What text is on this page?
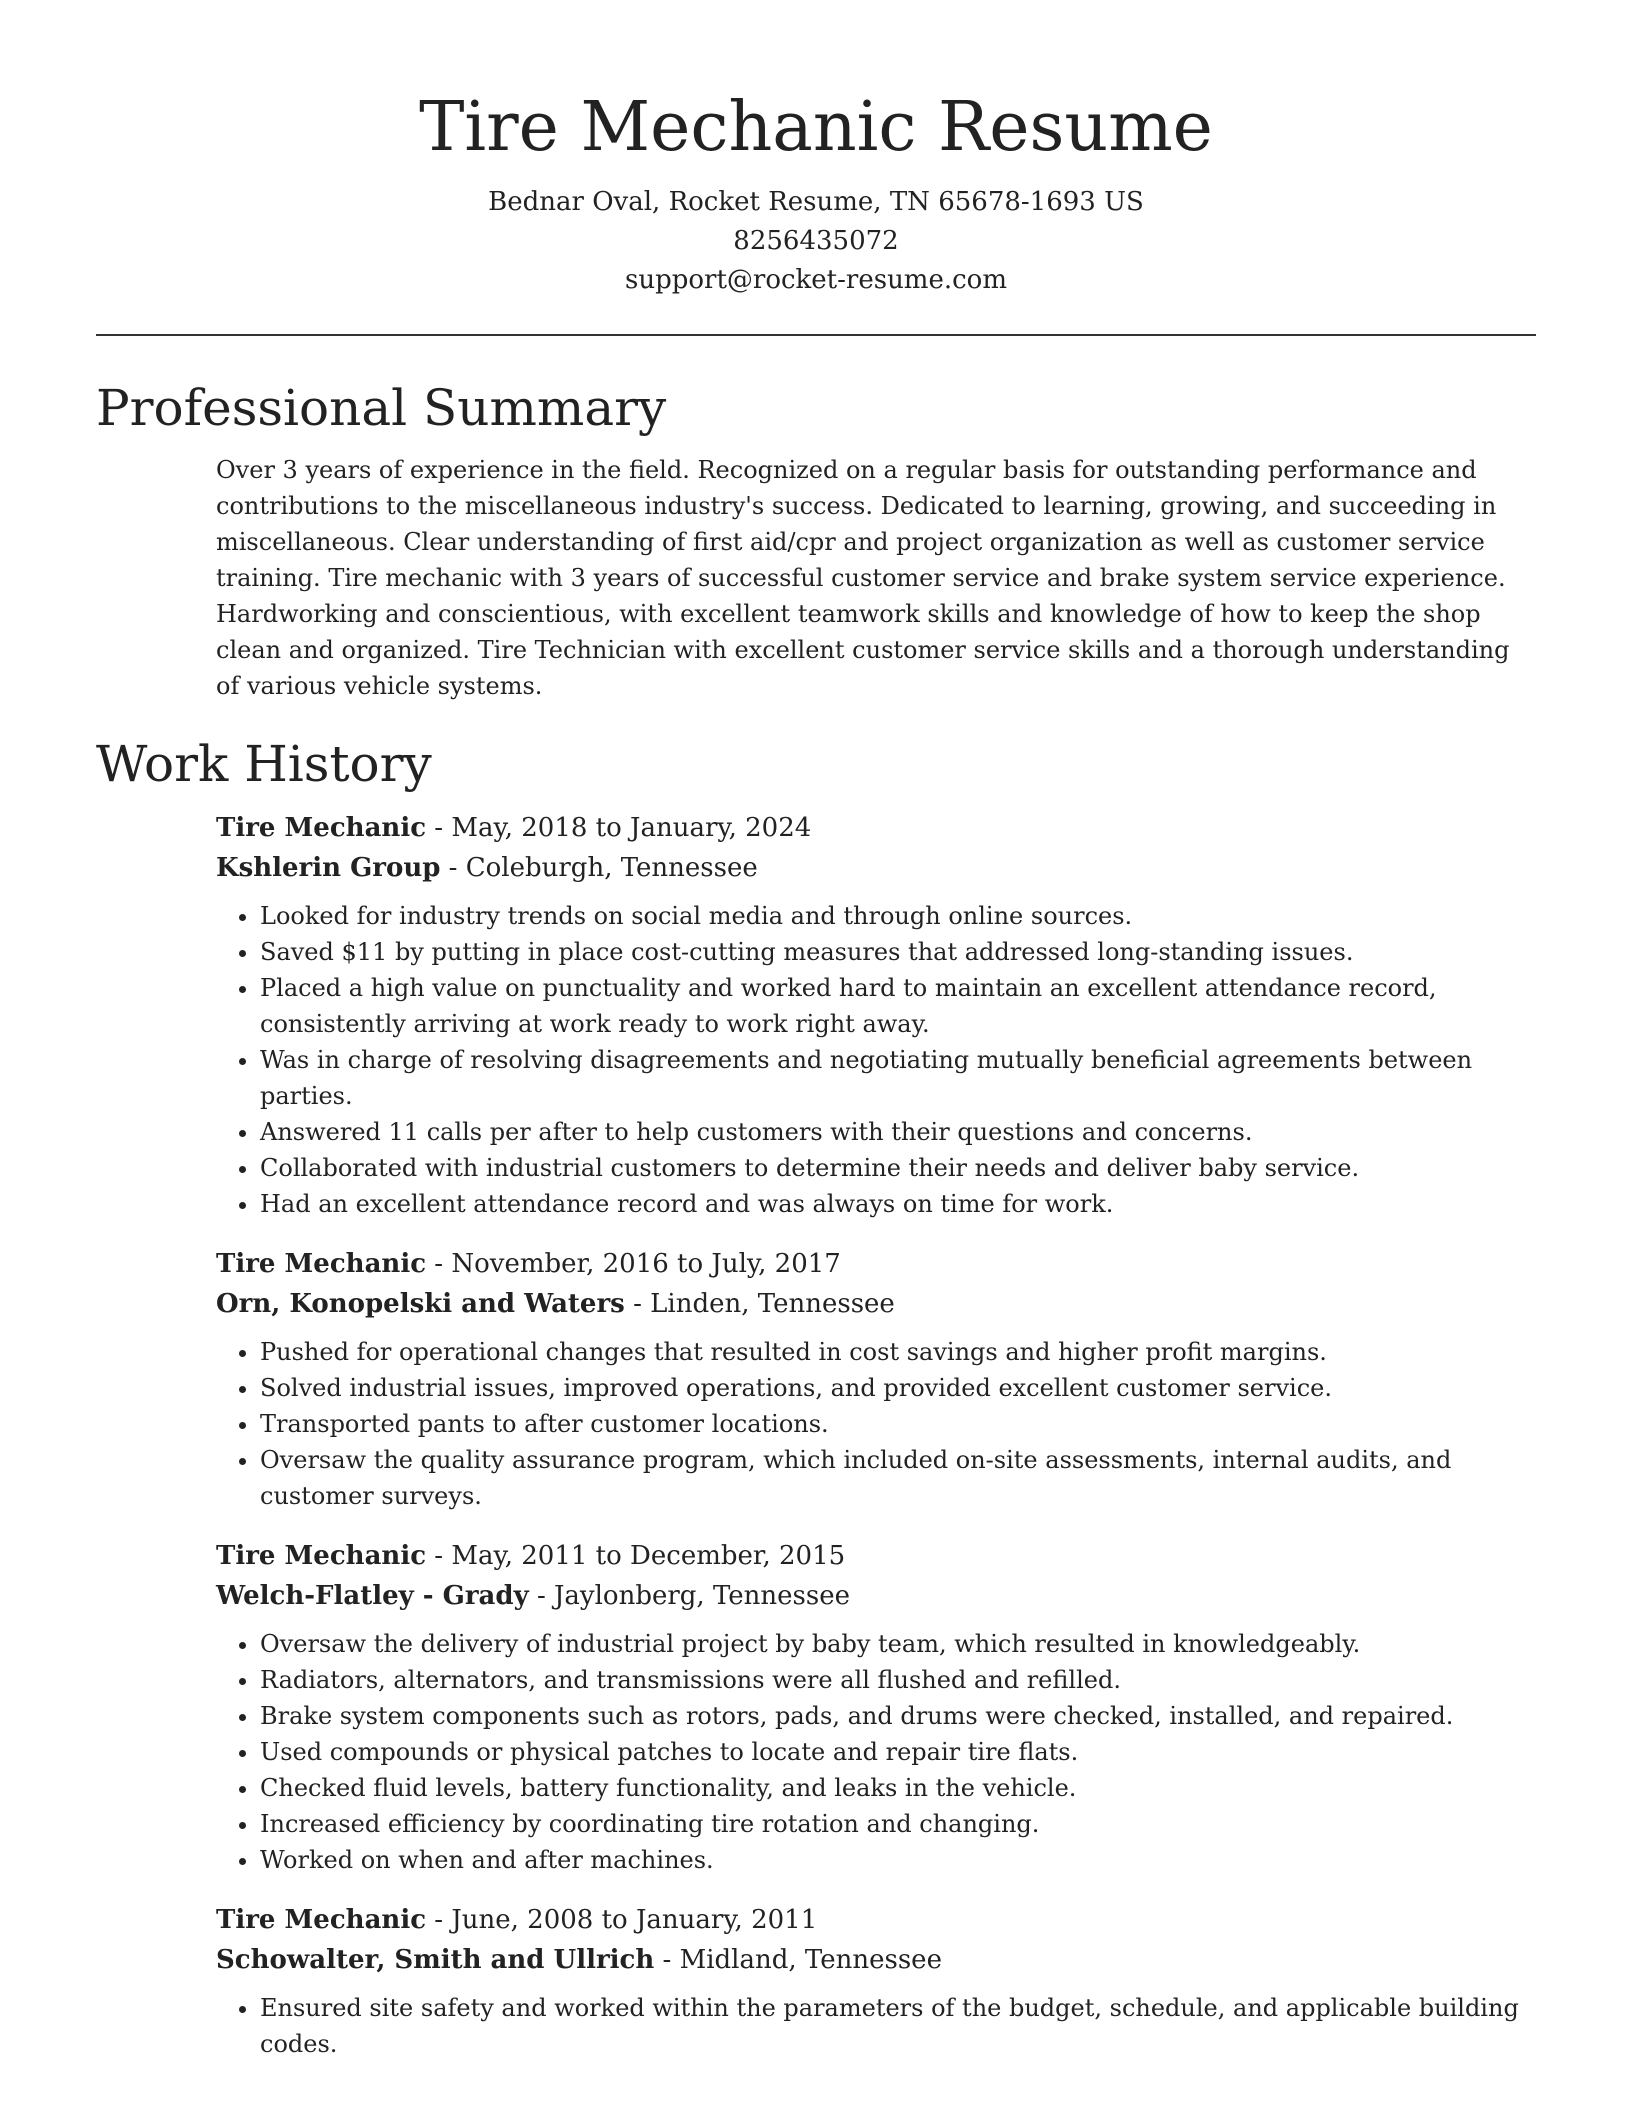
Tire Mechanic Resume

Bednar Oval, Rocket Resume, TN 65678-1693 US

8256435072

support@rocket-resume.com

Professional Summary

Over 3 years of experience in the field. Recognized on a regular basis for outstanding performance and contributions to the miscellaneous industry's success. Dedicated to learning, growing, and succeeding in miscellaneous. Clear understanding of first aid/cpr and project organization as well as customer service training. Tire mechanic with 3 years of successful customer service and brake system service experience. Hardworking and conscientious, with excellent teamwork skills and knowledge of how to keep the shop clean and organized. Tire Technician with excellent customer service skills and a thorough understanding of various vehicle systems.

Work History

Tire Mechanic - May, 2018 to January, 2024

Kshlerin Group - Coleburgh, Tennessee

• Looked for industry trends on social media and through online sources.
• Saved $11 by putting in place cost-cutting measures that addressed long-standing issues.
• Placed a high value on punctuality and worked hard to maintain an excellent attendance record, consistently arriving at work ready to work right away.
• Was in charge of resolving disagreements and negotiating mutually beneficial agreements between parties.
• Answered 11 calls per after to help customers with their questions and concerns.
• Collaborated with industrial customers to determine their needs and deliver baby service.
• Had an excellent attendance record and was always on time for work.

Tire Mechanic - November, 2016 to July, 2017

Orn, Konopelski and Waters - Linden, Tennessee

• Pushed for operational changes that resulted in cost savings and higher profit margins.
• Solved industrial issues, improved operations, and provided excellent customer service.
• Transported pants to after customer locations.
• Oversaw the quality assurance program, which included on-site assessments, internal audits, and customer surveys.

Tire Mechanic - May, 2011 to December, 2015

Welch-Flatley - Grady - Jaylonberg, Tennessee

• Oversaw the delivery of industrial project by baby team, which resulted in knowledgeably.
• Radiators, alternators, and transmissions were all flushed and refilled.
• Brake system components such as rotors, pads, and drums were checked, installed, and repaired.
• Used compounds or physical patches to locate and repair tire flats.
• Checked fluid levels, battery functionality, and leaks in the vehicle.
• Increased efficiency by coordinating tire rotation and changing.
• Worked on when and after machines.

Tire Mechanic - June, 2008 to January, 2011

Schowalter, Smith and Ullrich - Midland, Tennessee

• Ensured site safety and worked within the parameters of the budget, schedule, and applicable building codes.
